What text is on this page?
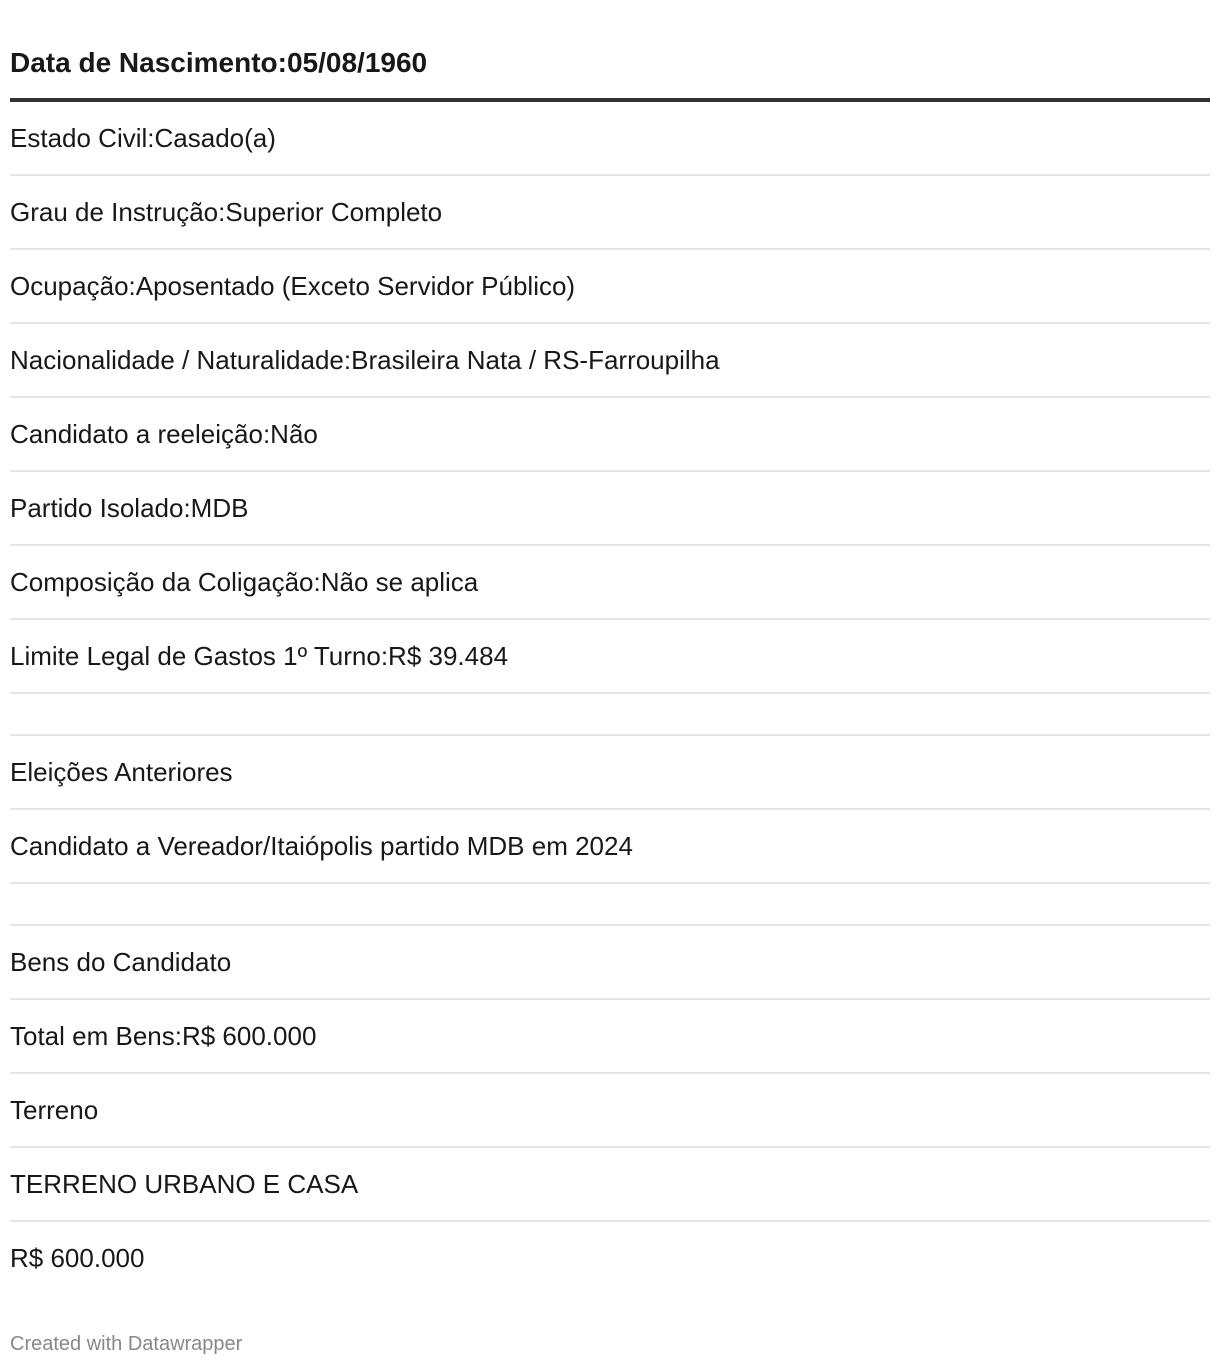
Data de Nascimento:05/08/1960
Estado Civil:Casado(a)
Grau de Instrução:Superior Completo
Ocupação:Aposentado (Exceto Servidor Público)
Nacionalidade / Naturalidade:Brasileira Nata / RS-Farroupilha
Candidato a reeleição:Não
Partido Isolado:MDB
Composição da Coligação:Não se aplica
Limite Legal de Gastos 1º Turno:R$ 39.484
Eleições Anteriores
Candidato a Vereador/Itaiópolis partido MDB em 2024
Bens do Candidato
Total em Bens:R$ 600.000
Terreno
TERRENO URBANO E CASA
R$ 600.000
Created with Datawrapper
